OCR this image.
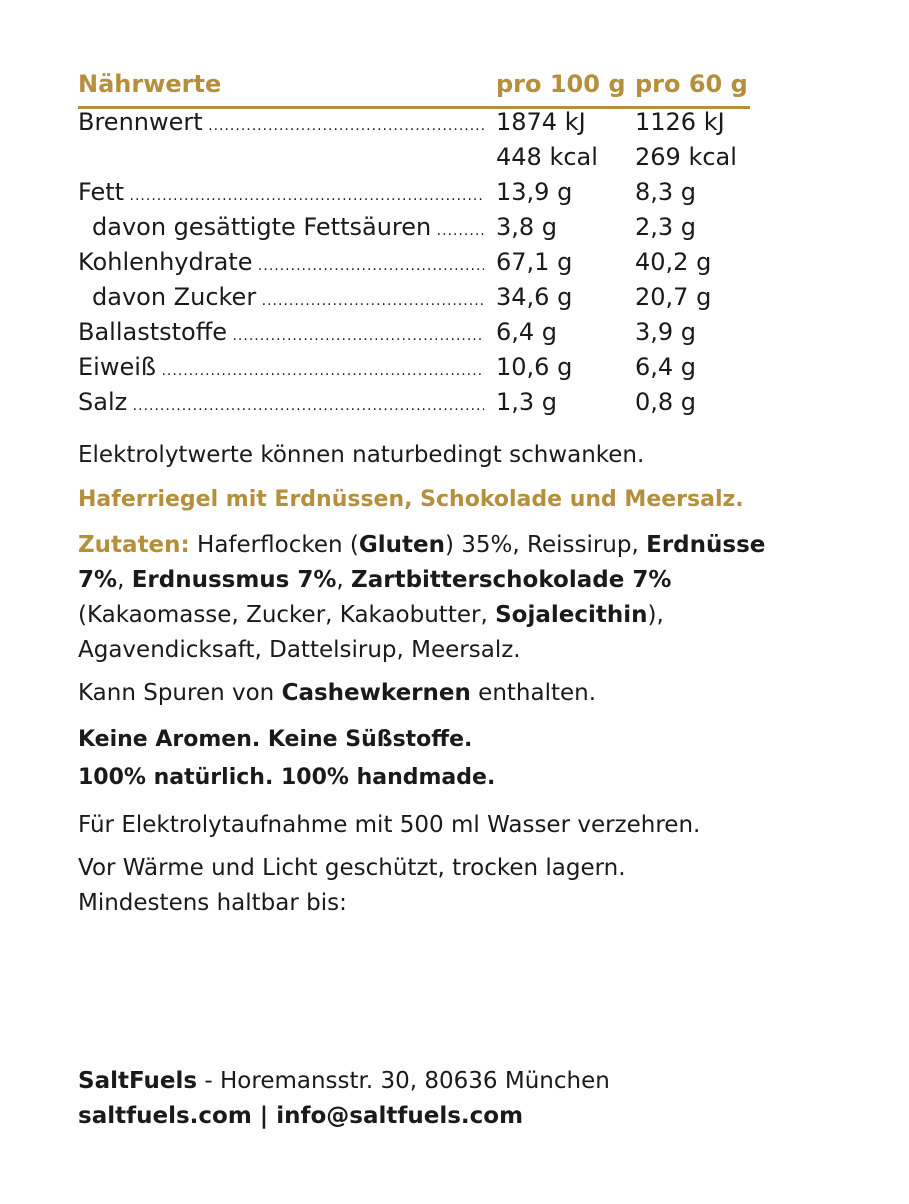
Nährwerte	pro 100 g pro 60 g
Brennwert .....	1874 kJ 1126 kJ
448 kcal 269 kcal
Fett .....	13,9 g	8,3 g
davon gesättigte Fettsäuren .....	3,8 g	2,3 g
Kohlenhydrate .....	67,1 g	40,2 g
davon Zucker .....	34,6 g	20,7 g
Ballaststoffe .....	6,4 g	3,9 g
Eiweiß .....	10,6 g	6,4 g
Salz .....	1,3 g	0,8 g
Elektrolytwerte können naturbedingt schwanken.
Haferriegel mit Erdnüssen, Schokolade und Meersalz.
Zutaten: Haferflocken (Gluten) 35%, Reissirup, Erdnüsse 7%, Erdnussmus 7%, Zartbitterschokolade 7% (Kakaomasse, Zucker, Kakaobutter, Sojalecithin), Agavendicksaft, Dattelsirup, Meersalz.
Kann Spuren von Cashewkernen enthalten.
Keine Aromen. Keine Süßstoffe.
100% natürlich. 100% handmade.
Für Elektrolytaufnahme mit 500 ml Wasser verzehren.
Vor Wärme und Licht geschützt, trocken lagern.
Mindestens haltbar bis:
SaltFuels - Horemansstr. 30, 80636 München
saltfuels.com | info@saltfuels.com
